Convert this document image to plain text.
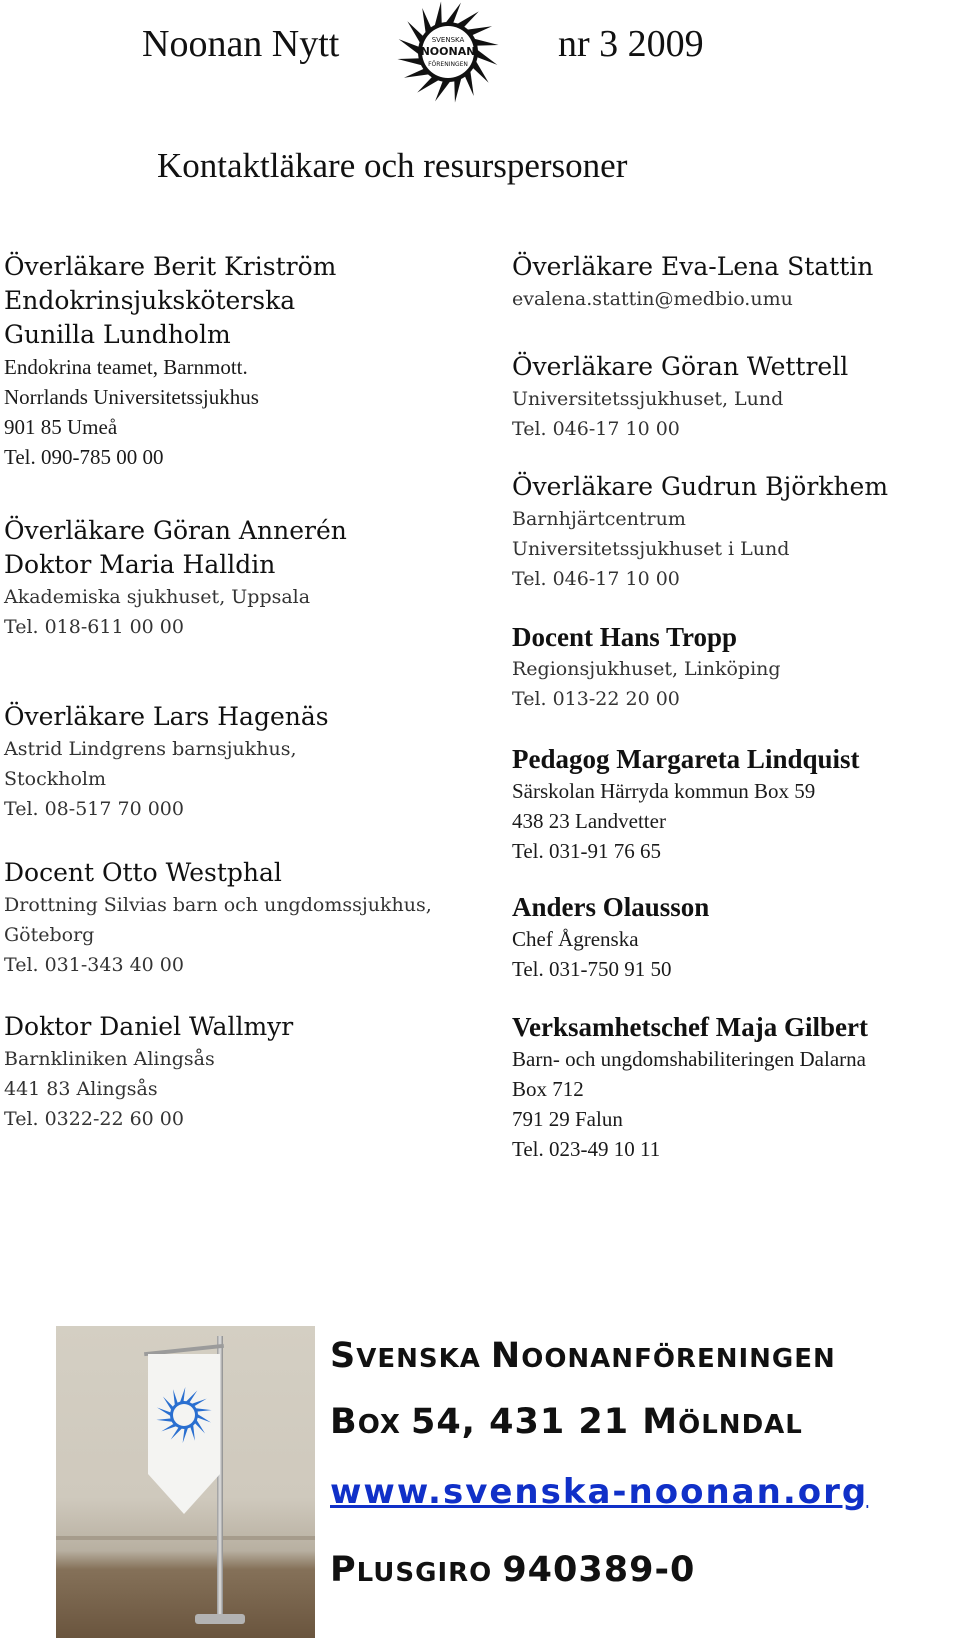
Noonan Nytt	SVENSKA
NOONAN
FÖRENINGEN nr 3 2009
Kontaktläkare och resurspersoner
Överläkare Berit Kriström
Endokrinsjuksköterska
Gunilla Lundholm
Endokrina teamet, Barnmott.
Norrlands Universitetssjukhus
901 85 Umeå
Tel. 090-785 00 00
Överläkare Göran Annerén
Doktor Maria Halldin
Akademiska sjukhuset, Uppsala
Tel. 018-611 00 00
Överläkare Lars Hagenäs
Astrid Lindgrens barnsjukhus,
Stockholm
Tel. 08-517 70 000
Docent Otto Westphal
Drottning Silvias barn och ungdomssjukhus,
Göteborg
Tel. 031-343 40 00
Doktor Daniel Wallmyr
Barnkliniken Alingsås
441 83 Alingsås
Tel. 0322-22 60 00
Överläkare Eva-Lena Stattin
evalena.stattin@medbio.umu
Överläkare Göran Wettrell
Universitetssjukhuset, Lund
Tel. 046-17 10 00
Överläkare Gudrun Björkhem
Barnhjärtcentrum
Universitetssjukhuset i Lund
Tel. 046-17 10 00
Docent Hans Tropp
Regionsjukhuset, Linköping
Tel. 013-22 20 00
Pedagog Margareta Lindquist
Särskolan Härryda kommun Box 59
438 23 Landvetter
Tel. 031-91 76 65
Anders Olausson
Chef Ågrenska
Tel. 031-750 91 50
Verksamhetschef Maja Gilbert
Barn- och ungdomshabiliteringen Dalarna
Box 712
791 29 Falun
Tel. 023-49 10 11
SVENSKA NOONANFÖRENINGEN
BOX 54, 431 21 MÖLNDAL
www.svenska-noonan.org
PLUSGIRO 940389-0
